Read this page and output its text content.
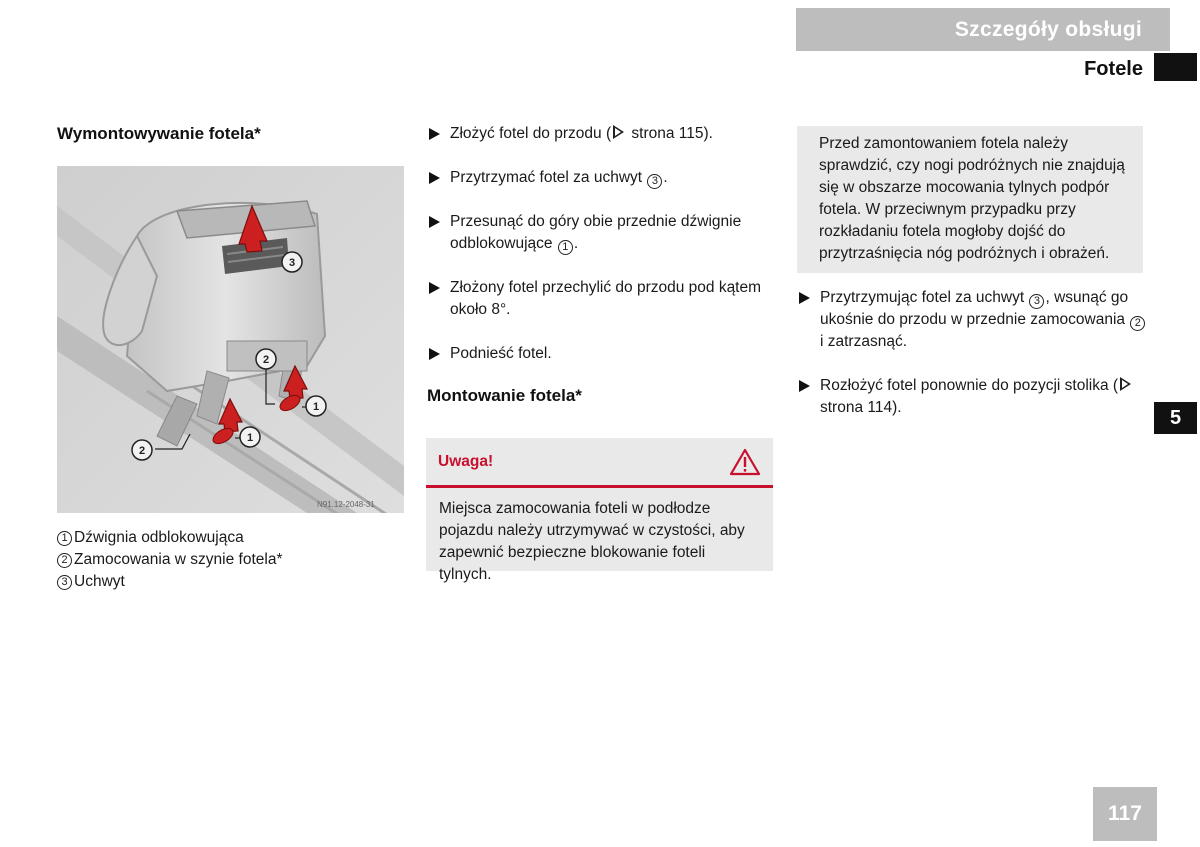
Szczegóły obsługi
Fotele
5
117
Wymontowywanie fotela*
3
2
1
1
2
N91.12-2048-31
1 Dźwignia odblokowująca
2 Zamocowania w szynie fotela*
3 Uchwyt
Złożyć fotel do przodu ( strona 115).
Przytrzymać fotel za uchwyt 3 .
Przesunąć do góry obie przednie dźwignie odblokowujące 1 .
Złożony fotel przechylić do przodu pod kątem około 8°.
Podnieść fotel.
Montowanie fotela*
Uwaga!
Miejsca zamocowania foteli w podłodze pojazdu należy utrzymywać w czystości, aby zapewnić bezpieczne blokowanie foteli tylnych.
Przed zamontowaniem fotela należy sprawdzić, czy nogi podróżnych nie znajdują się w obszarze mocowania tylnych podpór fotela. W przeciwnym przypadku przy rozkładaniu fotela mogłoby dojść do przytrzaśnięcia nóg podróżnych i obrażeń.
Przytrzymując fotel za uchwyt 3 , wsunąć go ukośnie do przodu w przednie zamocowania 2 i zatrzasnąć.
Rozłożyć fotel ponownie do pozycji stolika ( strona 114).
